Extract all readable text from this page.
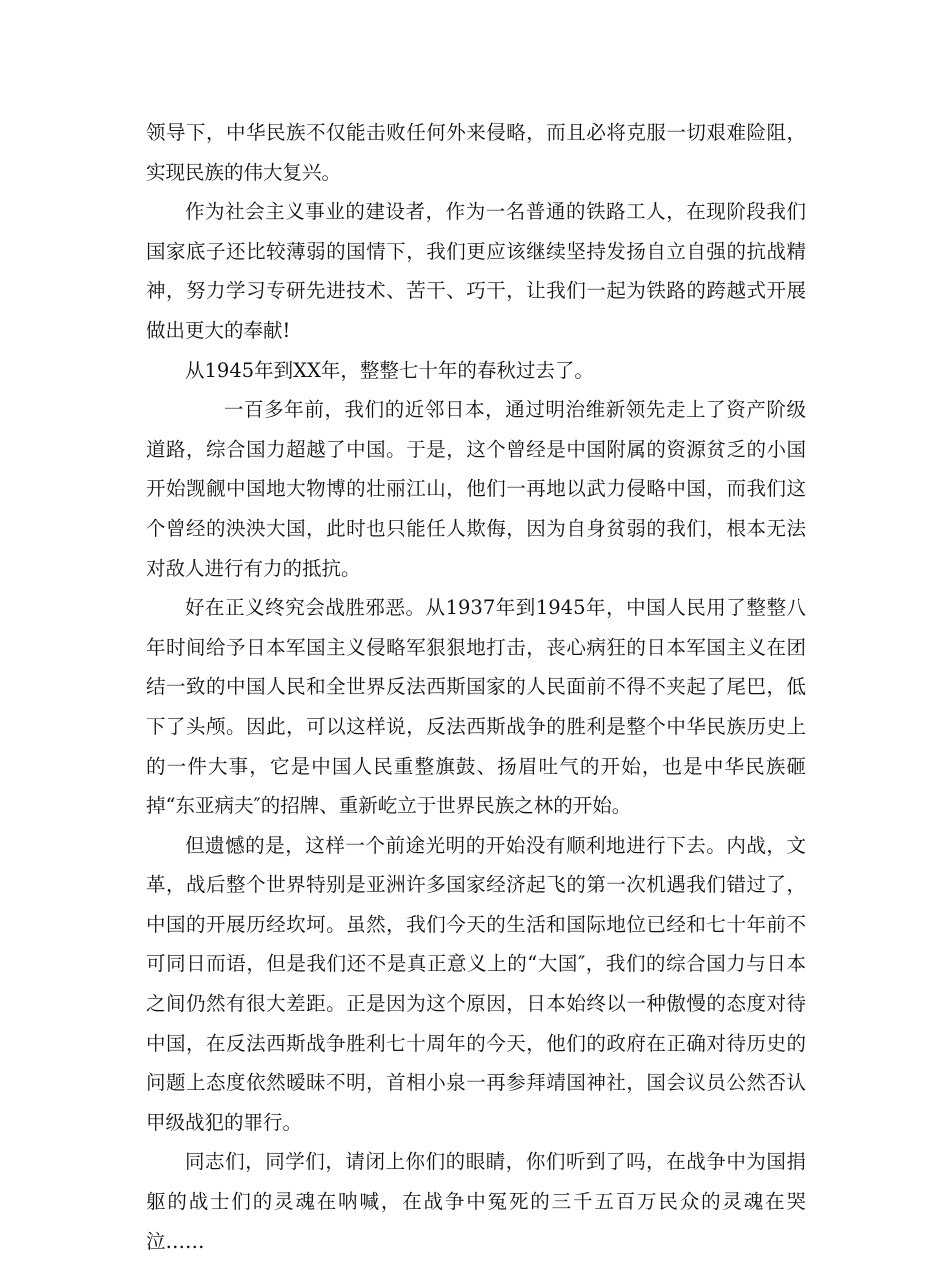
领导下，中华民族不仅能击败任何外来侵略，而且必将克服一切艰难险阻，实现民族的伟大复兴。

作为社会主义事业的建设者，作为一名普通的铁路工人，在现阶段我们国家底子还比较薄弱的国情下，我们更应该继续坚持发扬自立自强的抗战精神，努力学习专研先进技术、苦干、巧干，让我们一起为铁路的跨越式开展做出更大的奉献!

从1945年到XX年，整整七十年的春秋过去了。

一百多年前，我们的近邻日本，通过明治维新领先走上了资产阶级道路，综合国力超越了中国。于是，这个曾经是中国附属的资源贫乏的小国开始觊觎中国地大物博的壮丽江山，他们一再地以武力侵略中国，而我们这个曾经的泱泱大国，此时也只能任人欺侮，因为自身贫弱的我们，根本无法对敌人进行有力的抵抗。

好在正义终究会战胜邪恶。从1937年到1945年，中国人民用了整整八年时间给予日本军国主义侵略军狠狠地打击，丧心病狂的日本军国主义在团结一致的中国人民和全世界反法西斯国家的人民面前不得不夹起了尾巴，低下了头颅。因此，可以这样说，反法西斯战争的胜利是整个中华民族历史上的一件大事，它是中国人民重整旗鼓、扬眉吐气的开始，也是中华民族砸掉“东亚病夫″的招牌、重新屹立于世界民族之林的开始。

但遗憾的是，这样一个前途光明的开始没有顺利地进行下去。内战，文革，战后整个世界特别是亚洲许多国家经济起飞的第一次机遇我们错过了，中国的开展历经坎坷。虽然，我们今天的生活和国际地位已经和七十年前不可同日而语，但是我们还不是真正意义上的“大国″，我们的综合国力与日本之间仍然有很大差距。正是因为这个原因，日本始终以一种傲慢的态度对待中国，在反法西斯战争胜利七十周年的今天，他们的政府在正确对待历史的问题上态度依然暧昧不明，首相小泉一再参拜靖国神社，国会议员公然否认甲级战犯的罪行。

同志们，同学们，请闭上你们的眼睛，你们听到了吗，在战争中为国捐躯的战士们的灵魂在呐喊，在战争中冤死的三千五百万民众的灵魂在哭泣……
